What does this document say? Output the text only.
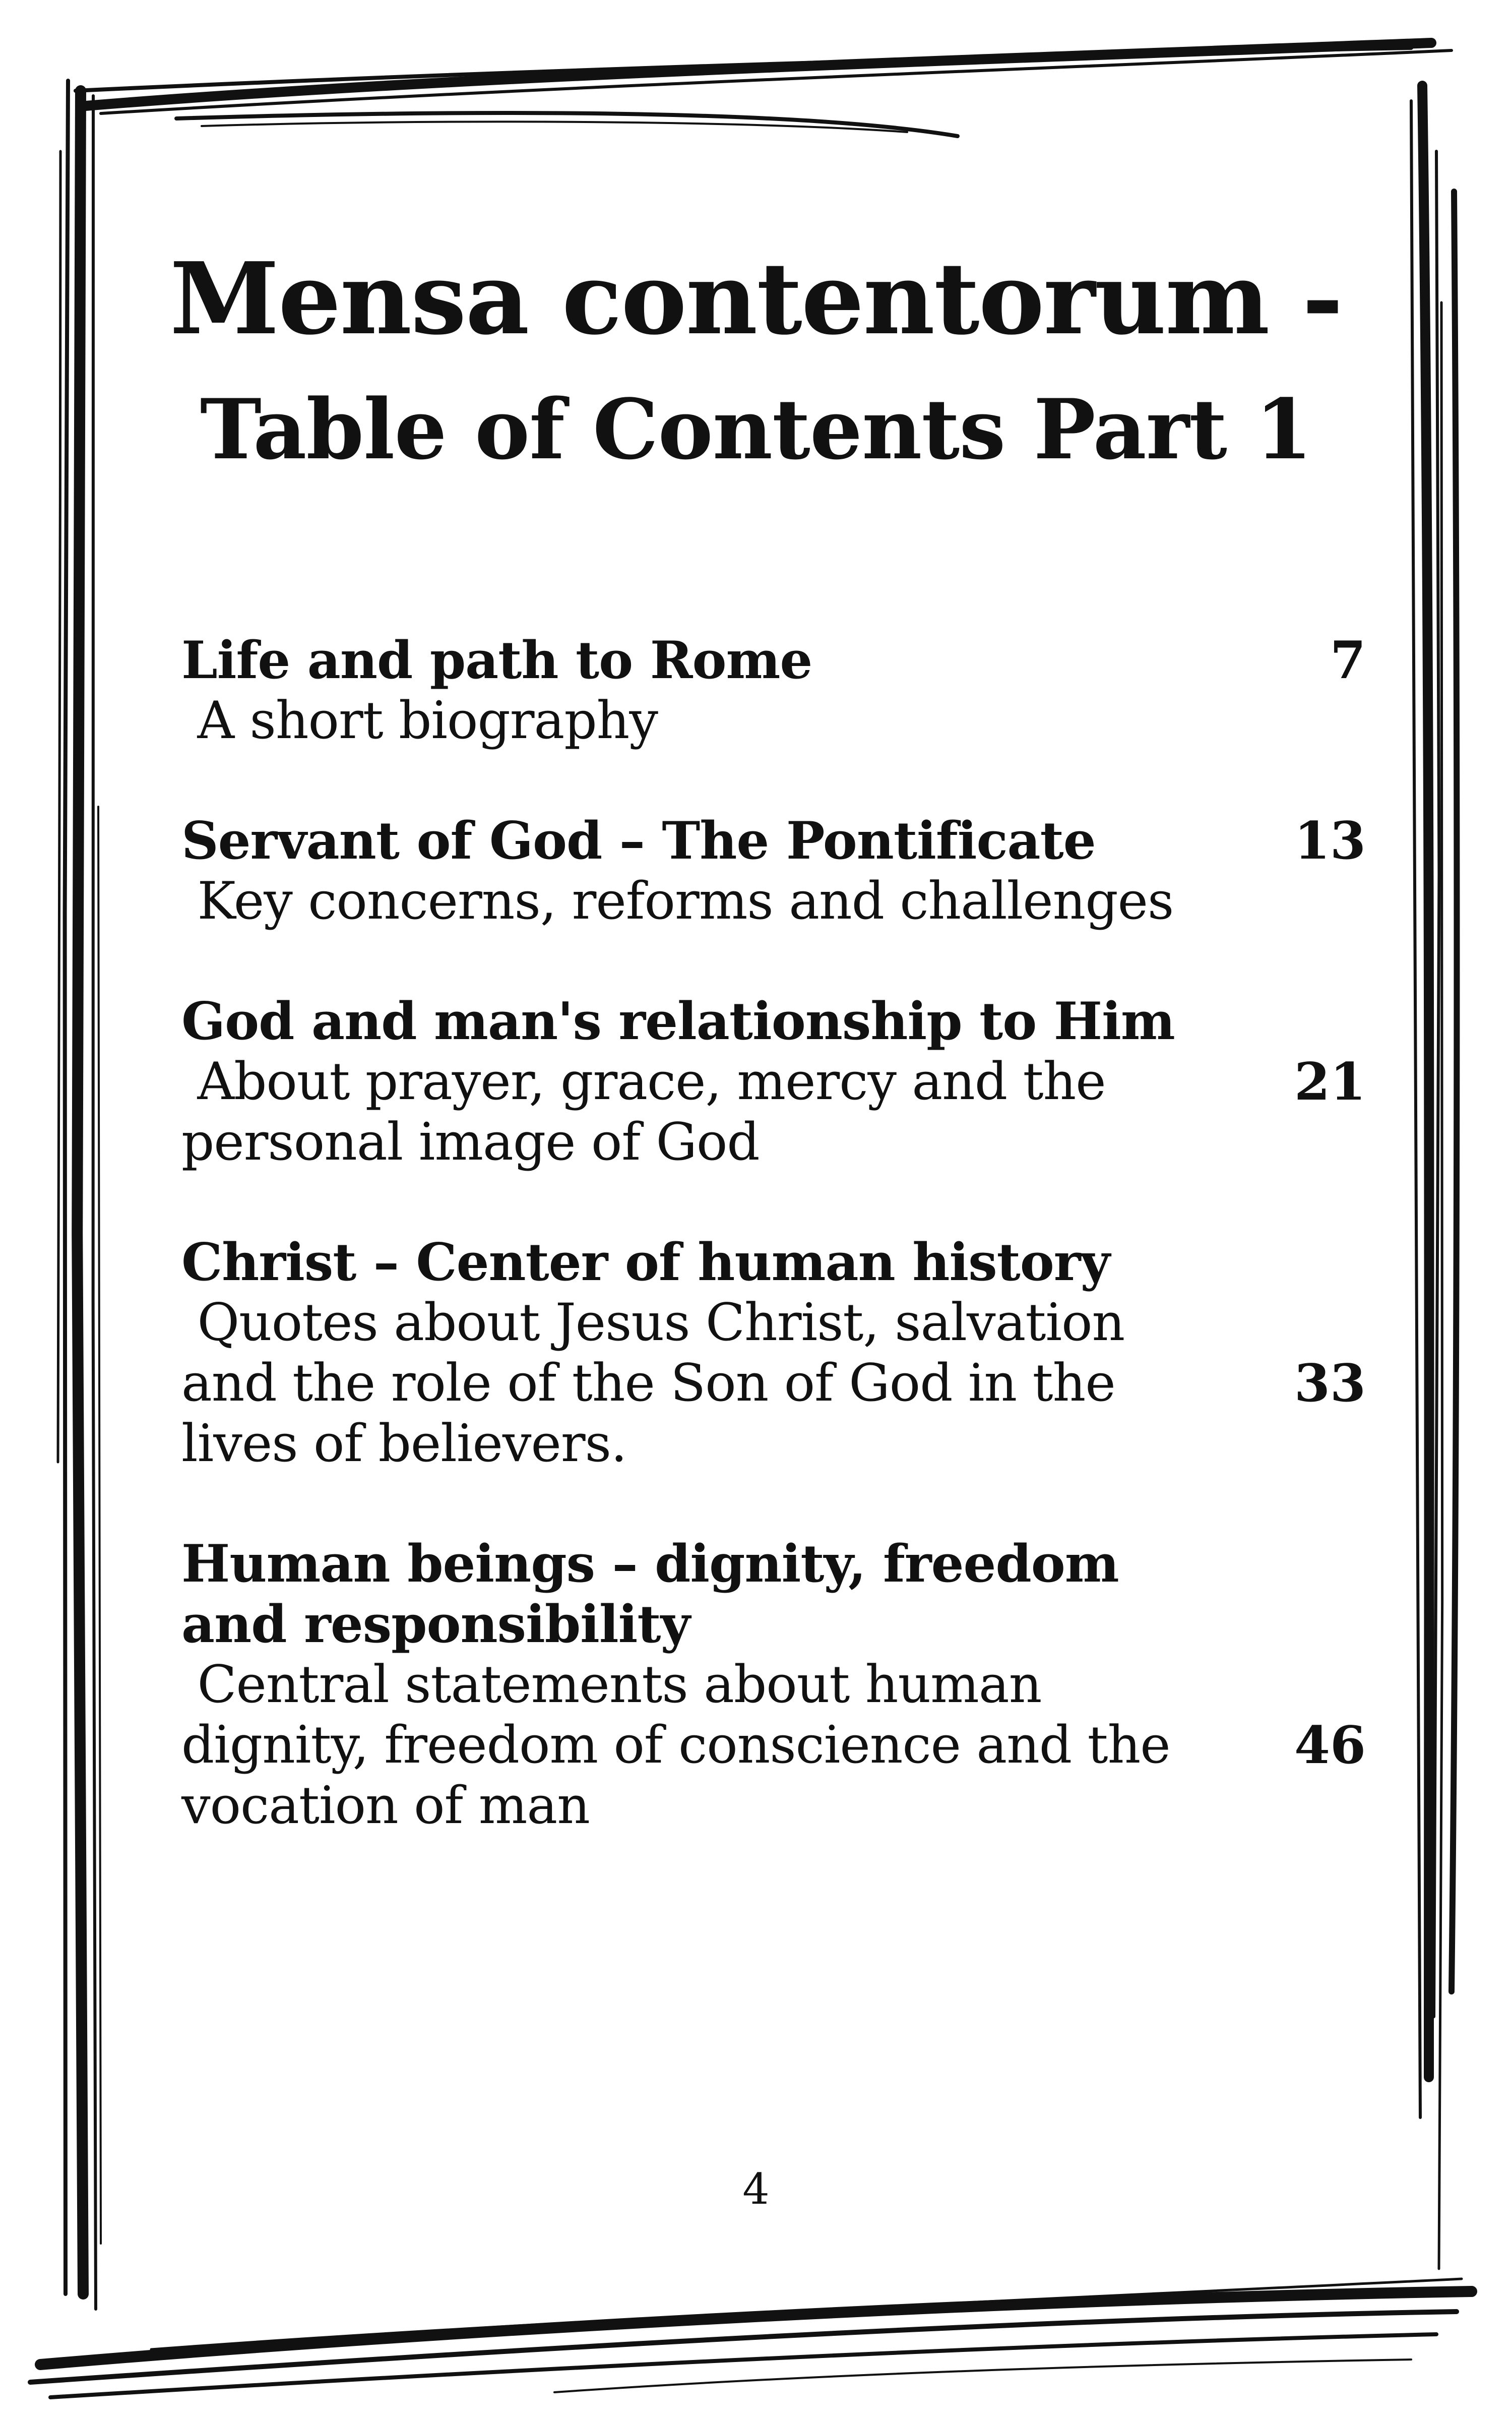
Mensa contentorum -
Table of Contents Part 1
Life and path to Rome
A short biography
7
Servant of God – The Pontificate
Key concerns, reforms and challenges
13
God and man's relationship to Him
About prayer, grace, mercy and the personal image of God
21
Christ – Center of human history
Quotes about Jesus Christ, salvation and the role of the Son of God in the lives of believers.
33
Human beings – dignity, freedom and responsibility
Central statements about human dignity, freedom of conscience and the vocation of man
46
4
